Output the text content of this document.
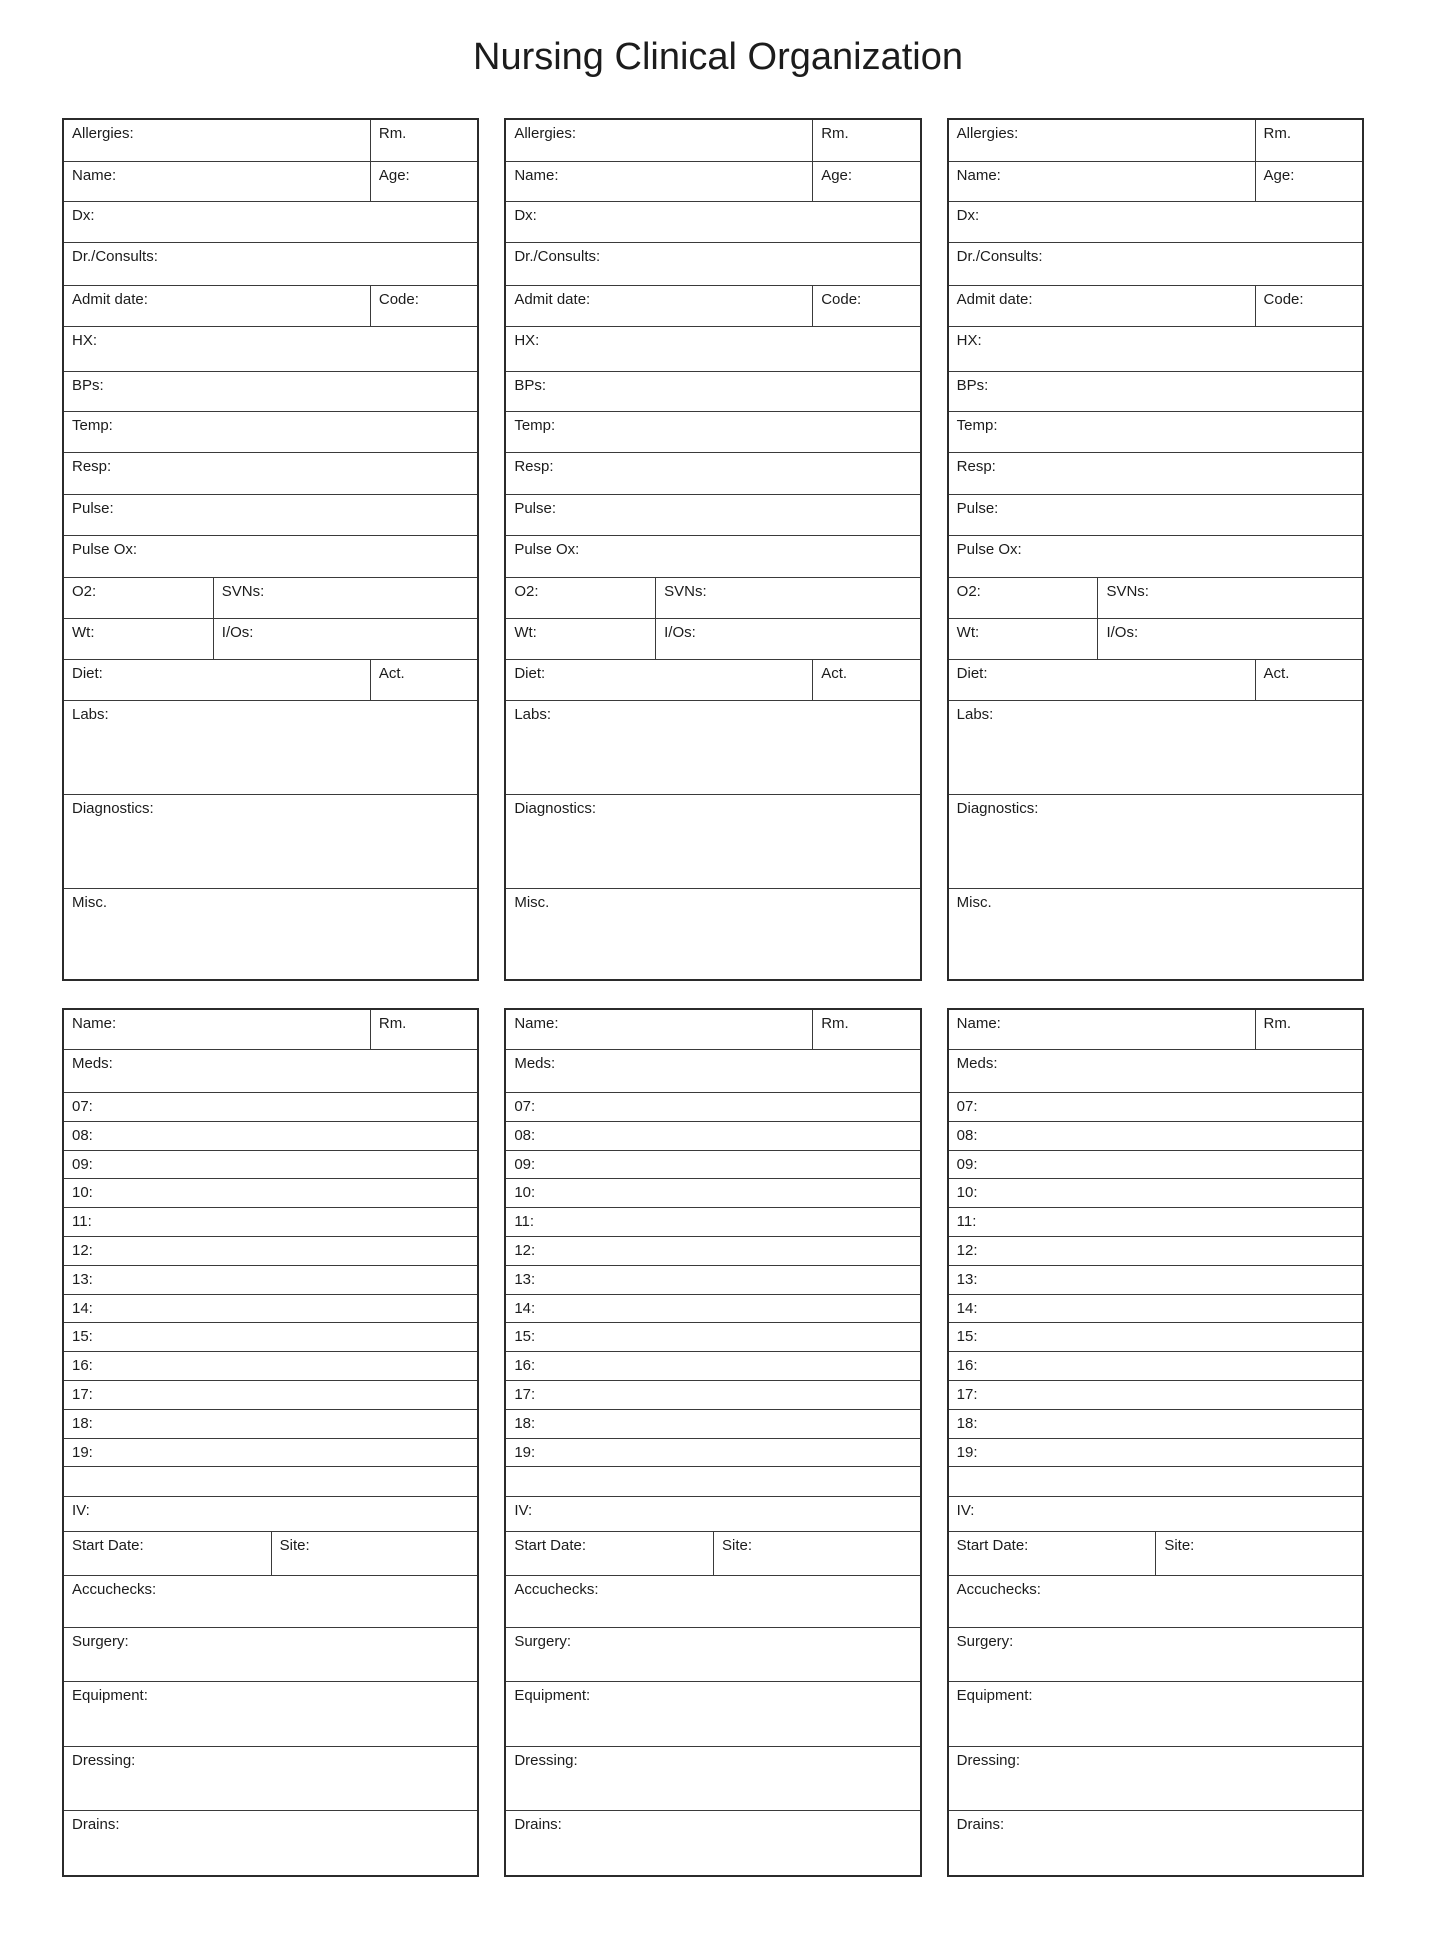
Nursing Clinical Organization
Allergies:	Rm.
Name:	Age:
Dx:
Dr./Consults:
Admit date:	Code:
HX:
BPs:
Temp:
Resp:
Pulse:
Pulse Ox:
O2:	SVNs:
Wt:	I/Os:
Diet:	Act.
Labs:
Diagnostics:
Misc.
Name:	Rm.
Meds:
07:
08:
09:
10:
11:
12:
13:
14:
15:
16:
17:
18:
19:
IV:
Start Date:	Site:
Accuchecks:
Surgery:
Equipment:
Dressing:
Drains:
Allergies:	Rm.
Name:	Age:
Dx:
Dr./Consults:
Admit date:	Code:
HX:
BPs:
Temp:
Resp:
Pulse:
Pulse Ox:
O2:	SVNs:
Wt:	I/Os:
Diet:	Act.
Labs:
Diagnostics:
Misc.
Name:	Rm.
Meds:
07:
08:
09:
10:
11:
12:
13:
14:
15:
16:
17:
18:
19:
IV:
Start Date:	Site:
Accuchecks:
Surgery:
Equipment:
Dressing:
Drains:
Allergies:	Rm.
Name:	Age:
Dx:
Dr./Consults:
Admit date:	Code:
HX:
BPs:
Temp:
Resp:
Pulse:
Pulse Ox:
O2:	SVNs:
Wt:	I/Os:
Diet:	Act.
Labs:
Diagnostics:
Misc.
Name:	Rm.
Meds:
07:
08:
09:
10:
11:
12:
13:
14:
15:
16:
17:
18:
19:
IV:
Start Date:	Site:
Accuchecks:
Surgery:
Equipment:
Dressing:
Drains:
